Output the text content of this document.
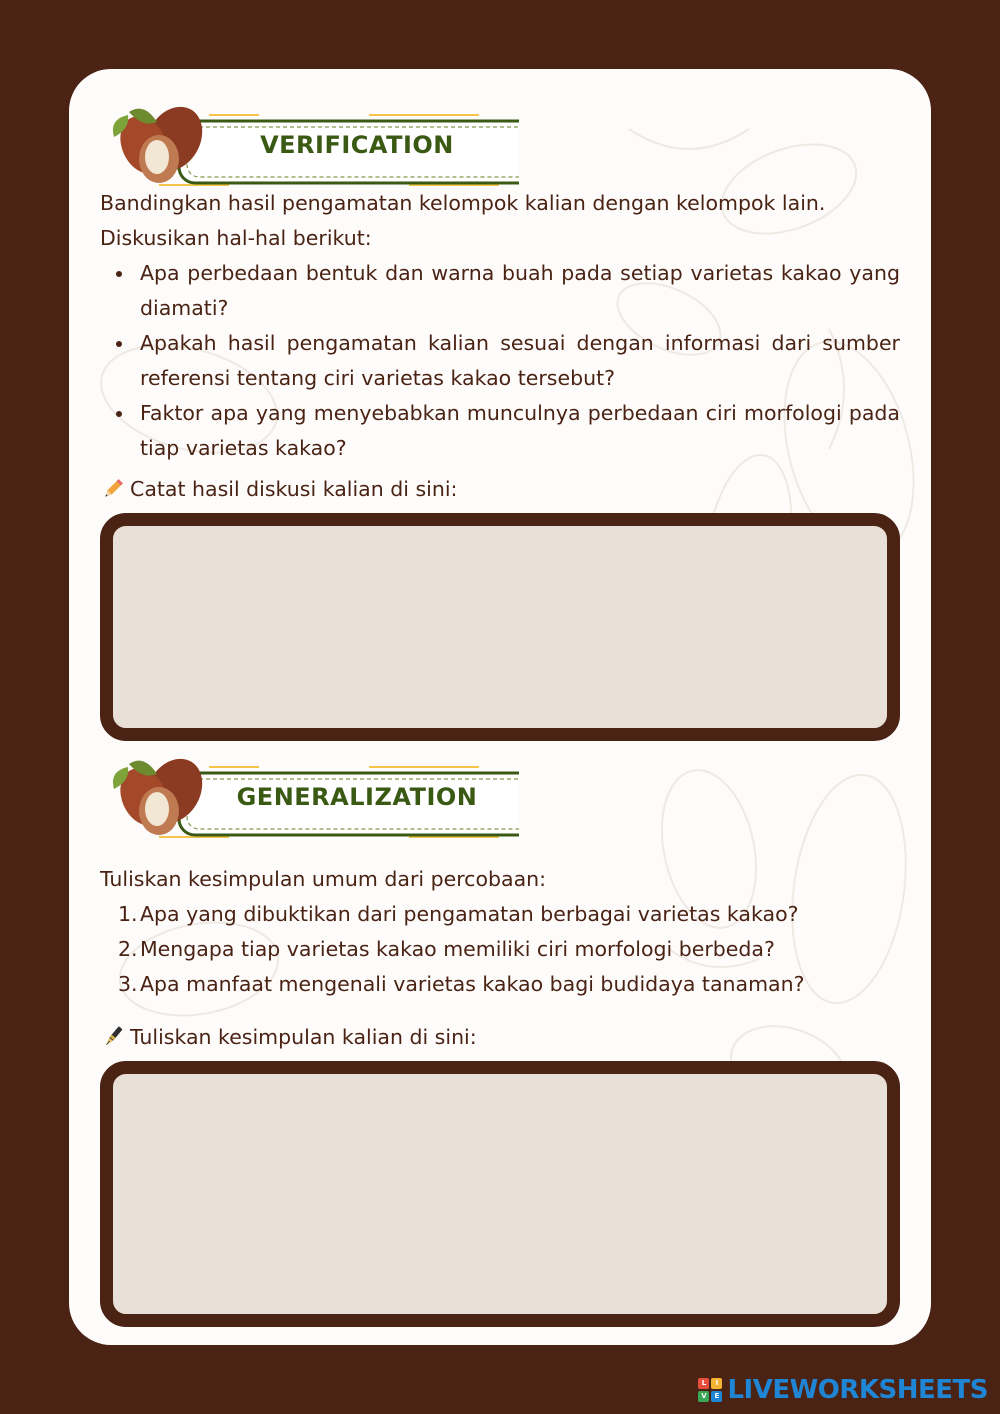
VERIFICATION

Bandingkan hasil pengamatan kelompok kalian dengan kelompok lain.

Diskusikan hal-hal berikut:

Apa perbedaan bentuk dan warna buah pada setiap varietas kakao yang diamati?
Apakah hasil pengamatan kalian sesuai dengan informasi dari sumber referensi tentang ciri varietas kakao tersebut?
Faktor apa yang menyebabkan munculnya perbedaan ciri morfologi pada tiap varietas kakao?
Catat hasil diskusi kalian di sini:
GENERALIZATION

Tuliskan kesimpulan umum dari percobaan:

1. Apa yang dibuktikan dari pengamatan berbagai varietas kakao?
2. Mengapa tiap varietas kakao memiliki ciri morfologi berbeda?
3. Apa manfaat mengenali varietas kakao bagi budidaya tanaman?
Tuliskan kesimpulan kalian di sini:
L	I
V	E LIVEWORKSHEETS
